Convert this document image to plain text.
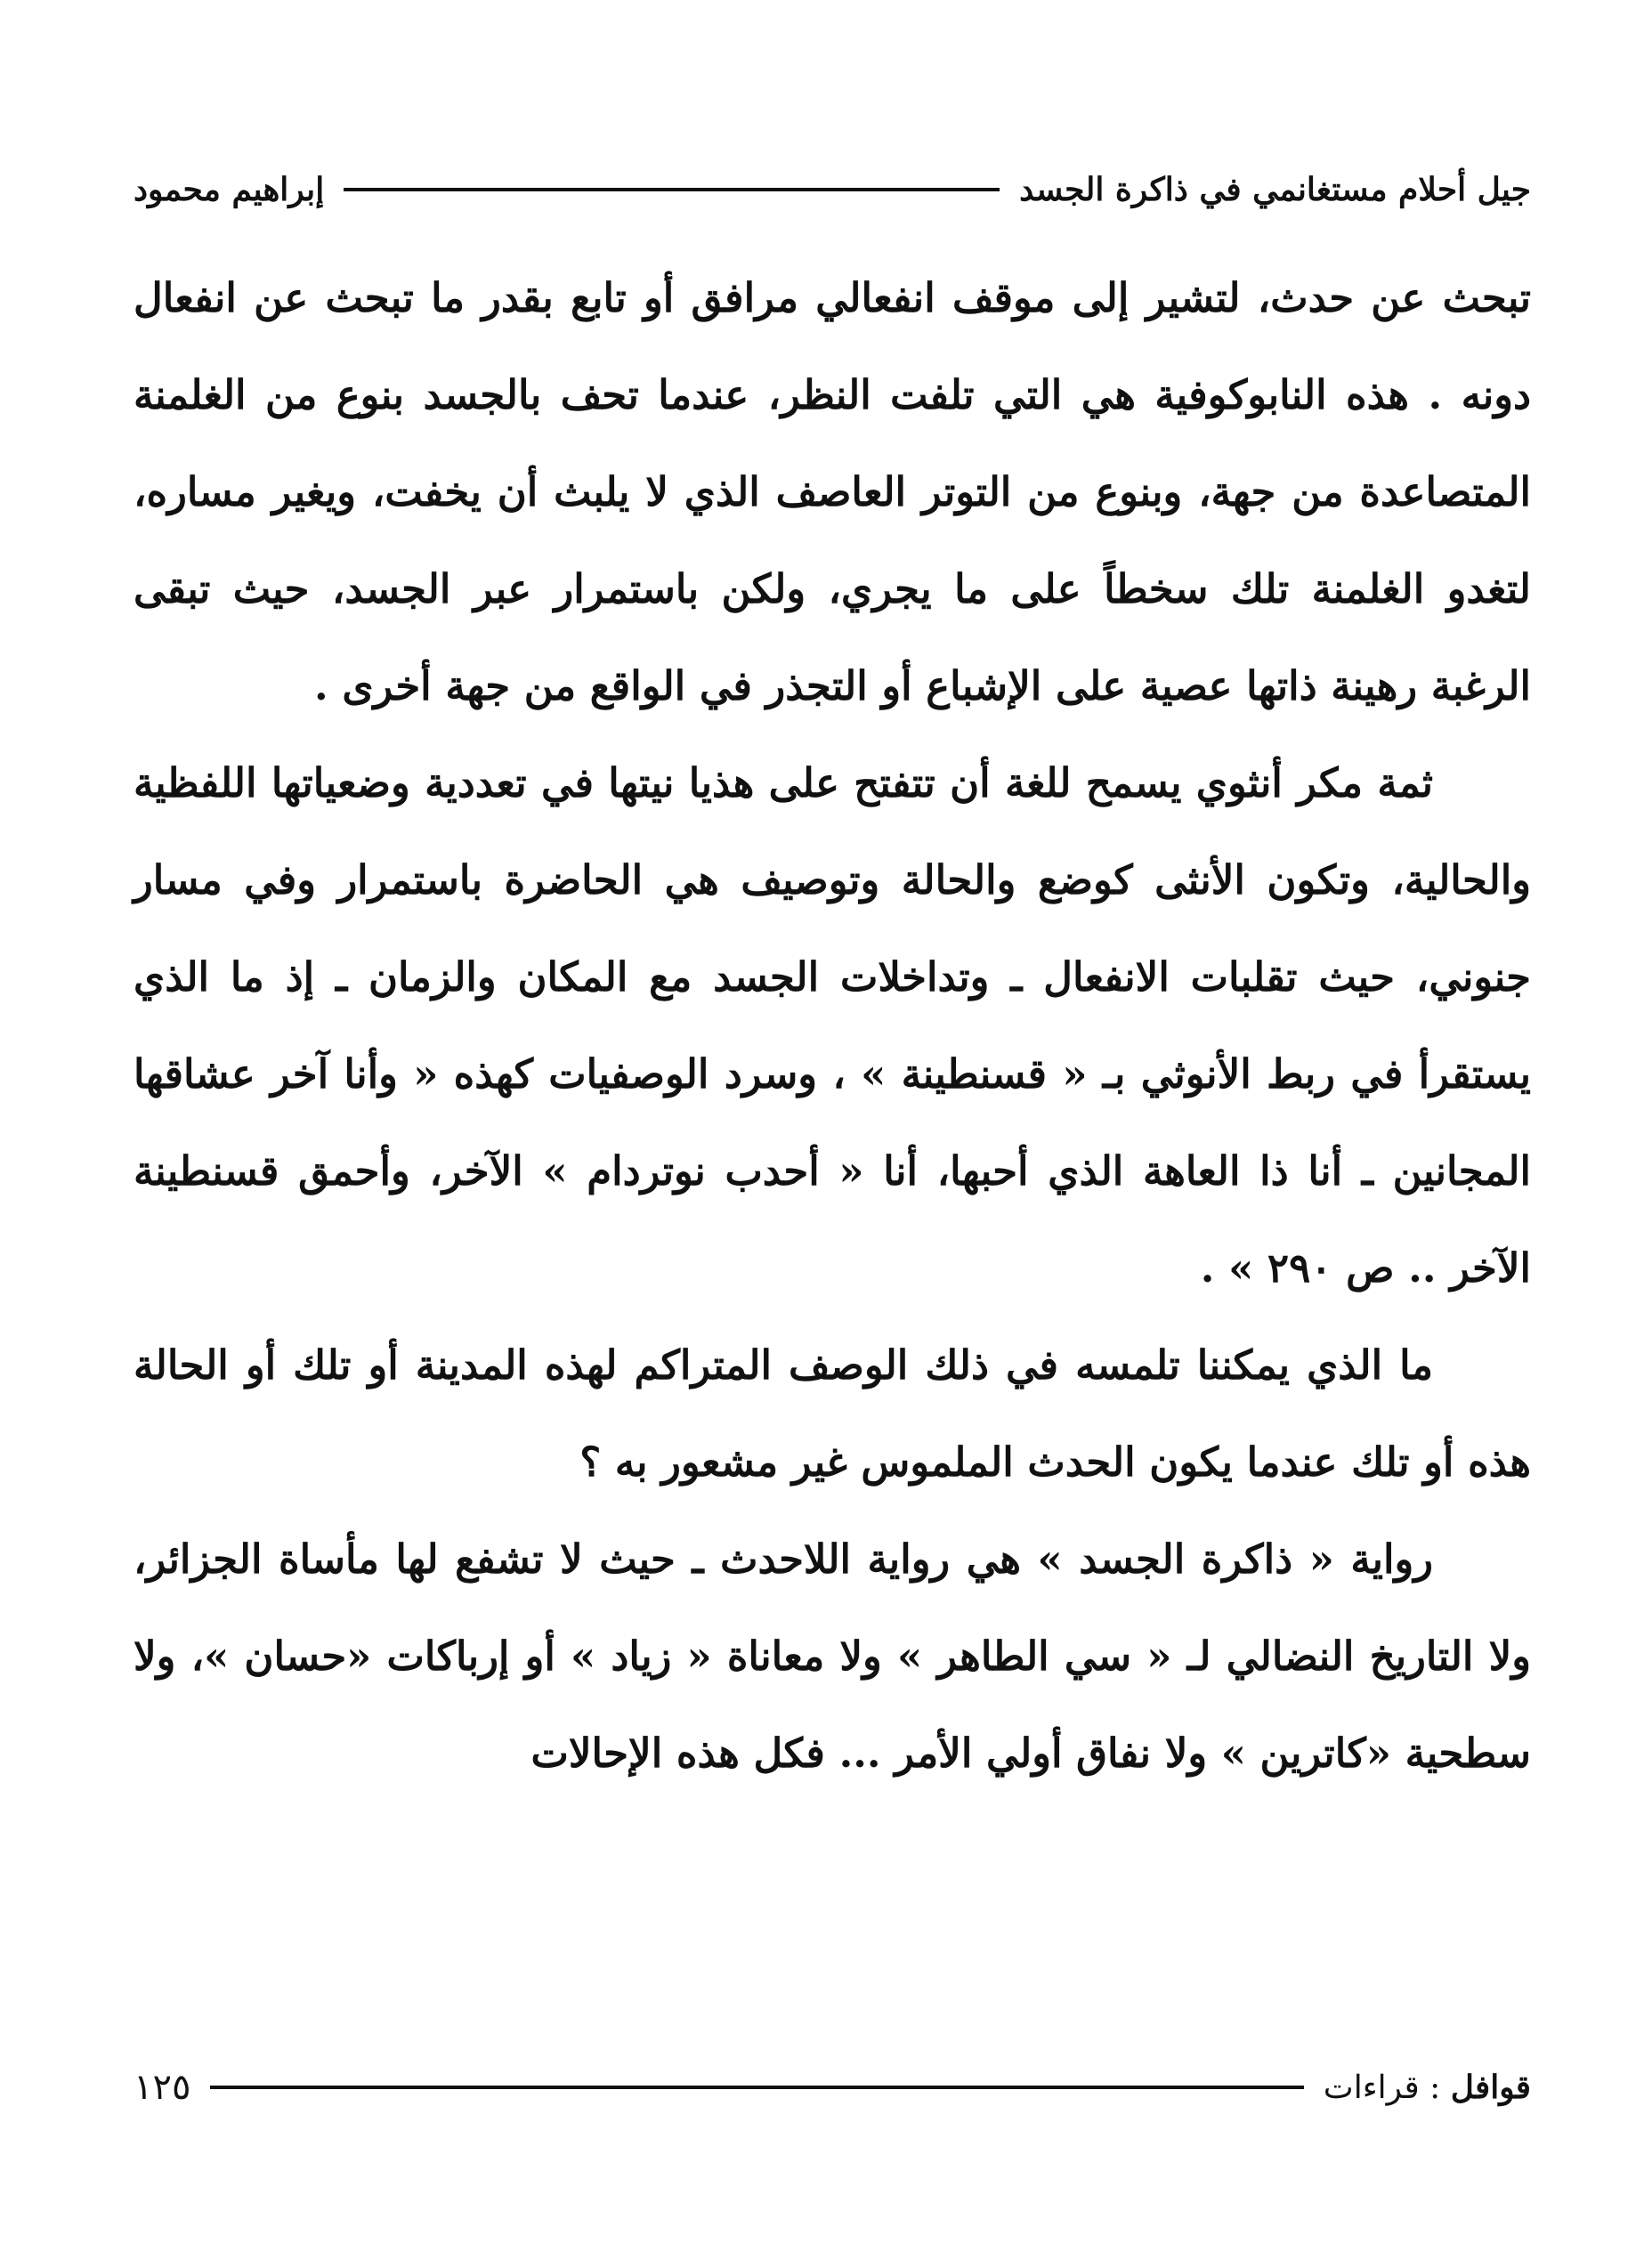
جيل أحلام مستغانمي في ذاكرة الجسد
إبراهيم محمود

تبحث عن حدث، لتشير إلى موقف انفعالي مرافق أو تابع بقدر ما تبحث عن انفعال دونه . هذه النابوكوفية هي التي تلفت النظر، عندما تحف بالجسد بنوع من الغلمنة المتصاعدة من جهة، وبنوع من التوتر العاصف الذي لا يلبث أن يخفت، ويغير مساره، لتغدو الغلمنة تلك سخطاً على ما يجري، ولكن باستمرار عبر الجسد، حيث تبقى الرغبة رهينة ذاتها عصية على الإشباع أو التجذر في الواقع من جهة أخرى .

ثمة مكر أنثوي يسمح للغة أن تتفتح على هذيا نيتها في تعددية وضعياتها اللفظية والحالية، وتكون الأنثى كوضع والحالة وتوصيف هي الحاضرة باستمرار وفي مسار جنوني، حيث تقلبات الانفعال ـ وتداخلات الجسد مع المكان والزمان ـ إذ ما الذي يستقرأ في ربط الأنوثي بـ « قسنطينة » ، وسرد الوصفيات كهذه « وأنا آخر عشاقها المجانين ـ أنا ذا العاهة الذي أحبها، أنا « أحدب نوتردام » الآخر، وأحمق قسنطينة الآخر .. ص ٢٩٠ » .

ما الذي يمكننا تلمسه في ذلك الوصف المتراكم لهذه المدينة أو تلك أو الحالة هذه أو تلك عندما يكون الحدث الملموس غير مشعور به ؟

رواية « ذاكرة الجسد » هي رواية اللاحدث ـ حيث لا تشفع لها مأساة الجزائر، ولا التاريخ النضالي لـ « سي الطاهر » ولا معاناة « زياد » أو إرباكات «حسان »، ولا سطحية «كاترين » ولا نفاق أولي الأمر ... فكل هذه الإحالات

قوافل : قراءات
١٢٥
